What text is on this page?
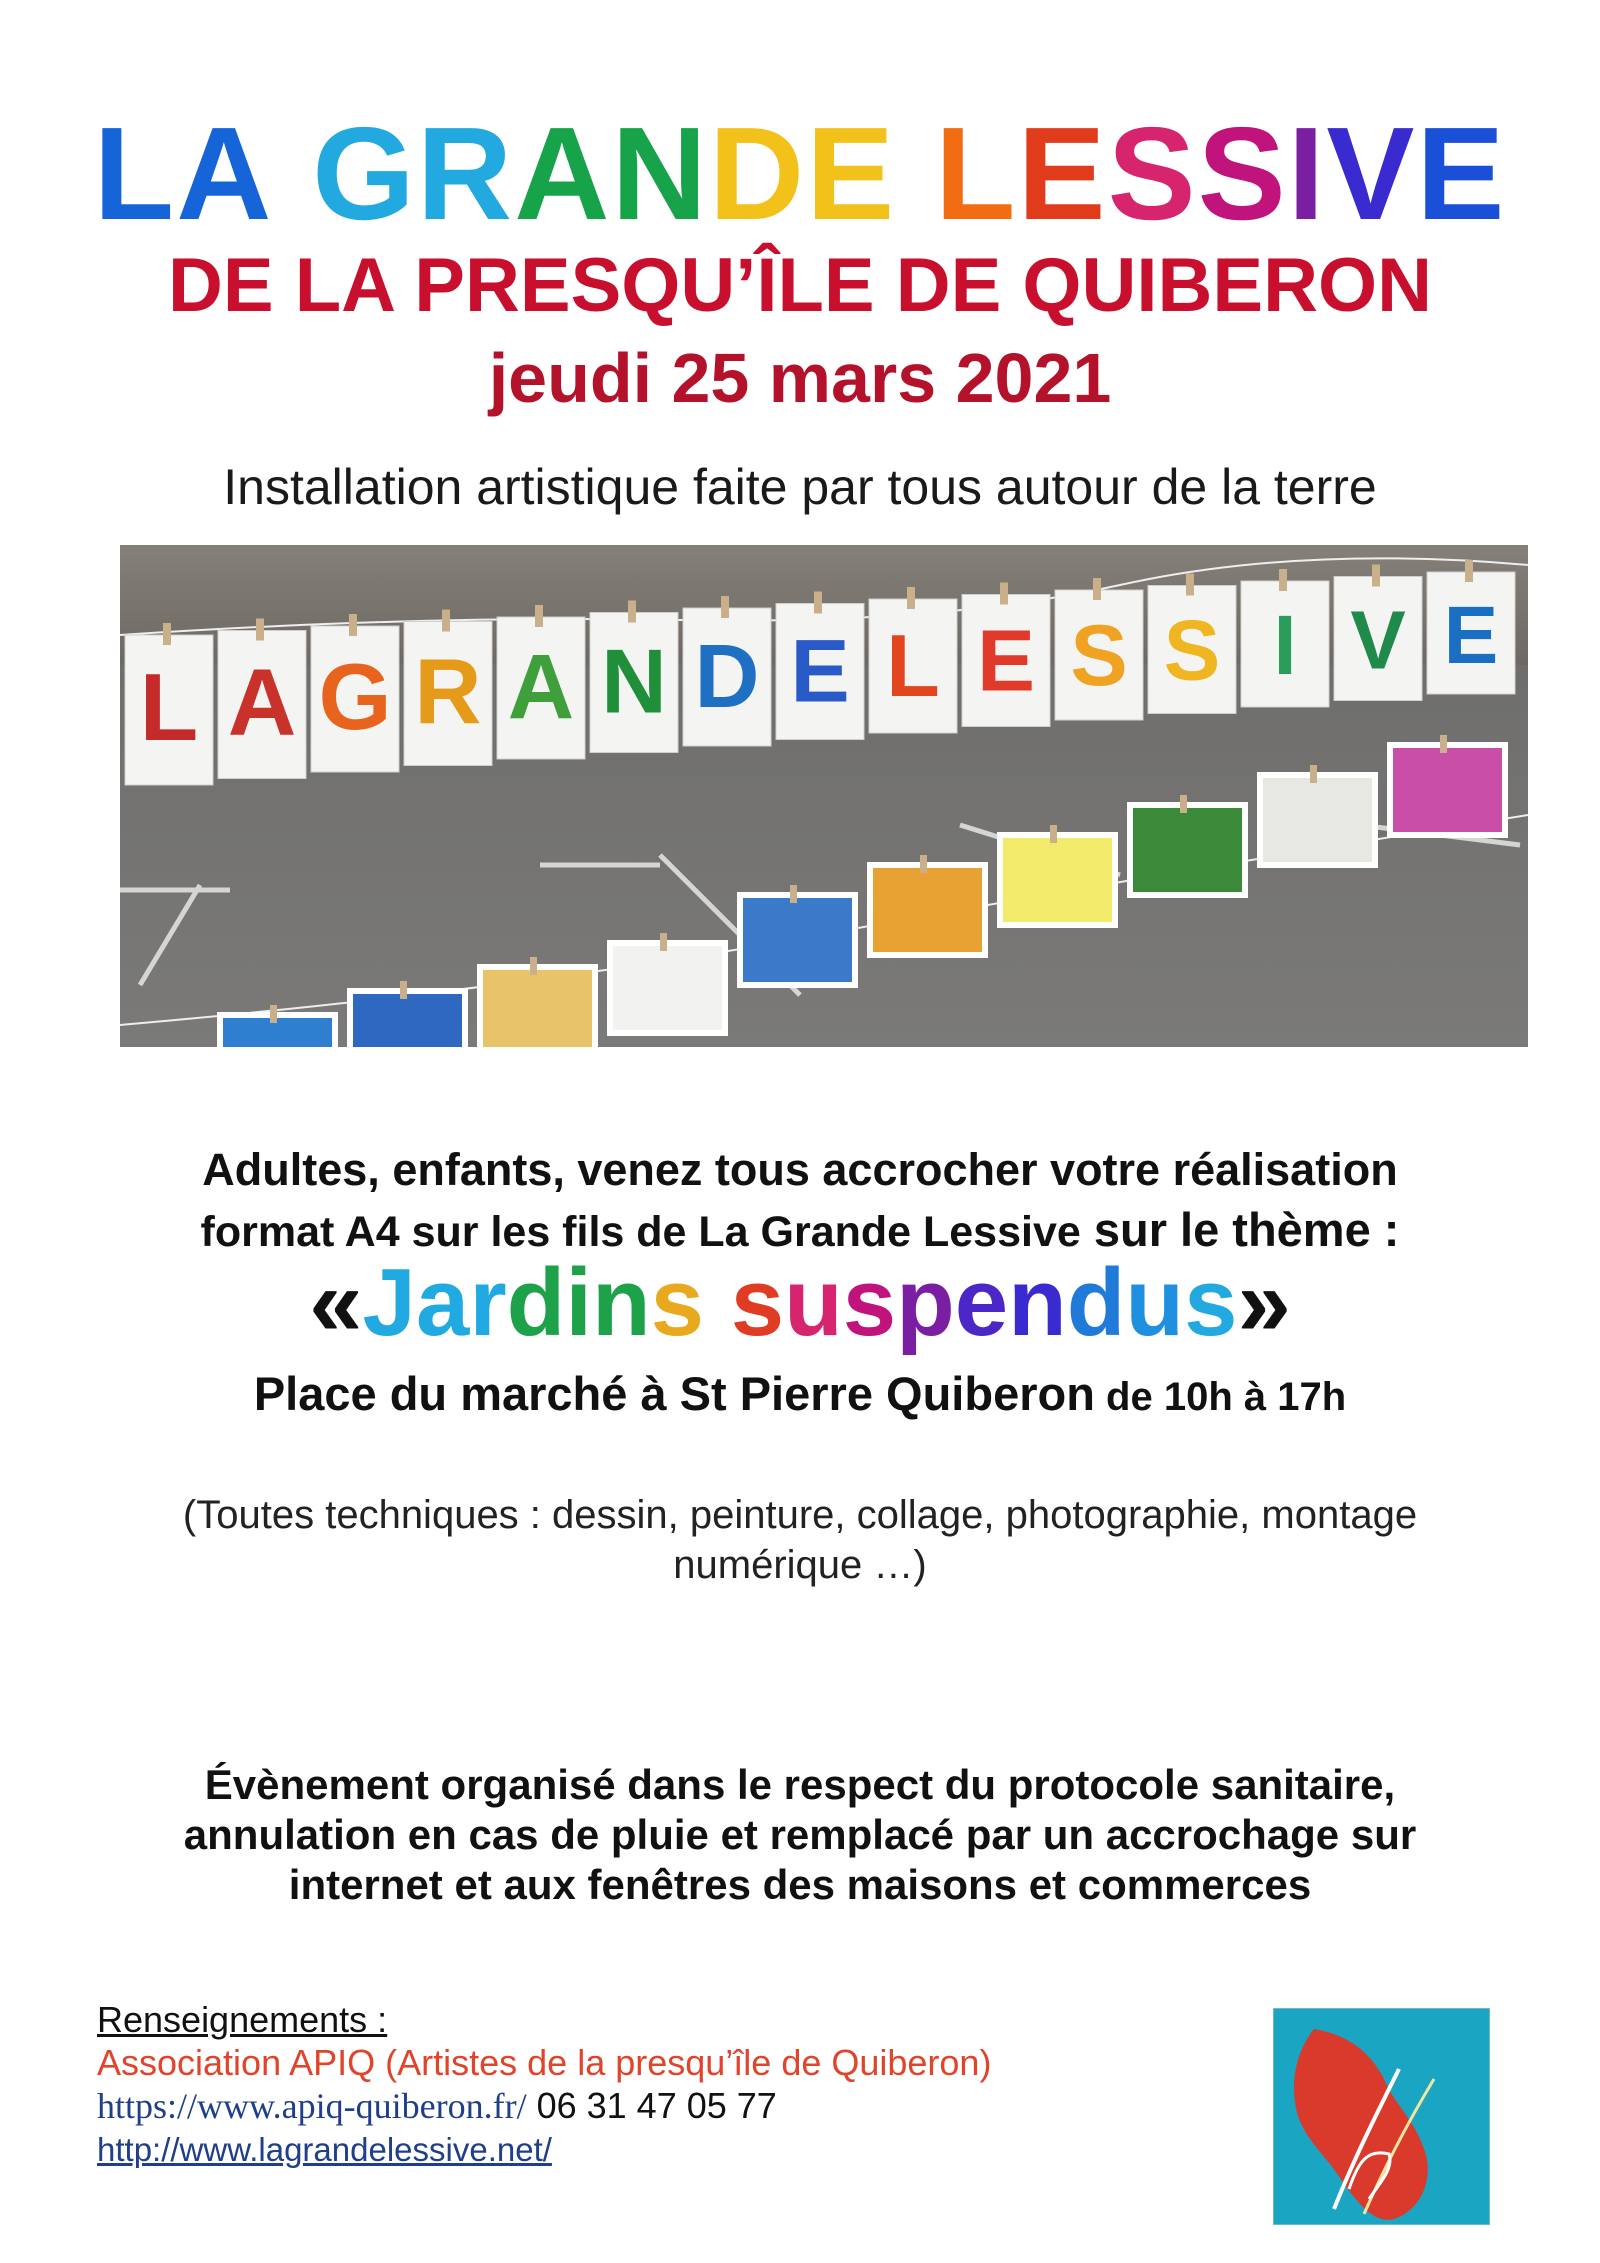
LA GRANDE LESSIVE
DE LA PRESQU’ÎLE DE QUIBERON
jeudi 25 mars 2021
Installation artistique faite par tous autour de la terre
L A G R A N D E L E S S I V E
Adultes, enfants, venez tous accrocher votre réalisation
format A4 sur les fils de La Grande Lessive sur le thème :
«Jardins suspendus»
Place du marché à St Pierre Quiberon de 10h à 17h
(Toutes techniques : dessin, peinture, collage, photographie, montage
numérique …)
Évènement organisé dans le respect du protocole sanitaire,
annulation en cas de pluie et remplacé par un accrochage sur
internet et aux fenêtres des maisons et commerces
Renseignements :
Association APIQ (Artistes de la presqu’île de Quiberon)
https://www.apiq-quiberon.fr/ 06 31 47 05 77
http://www.lagrandelessive.net/
